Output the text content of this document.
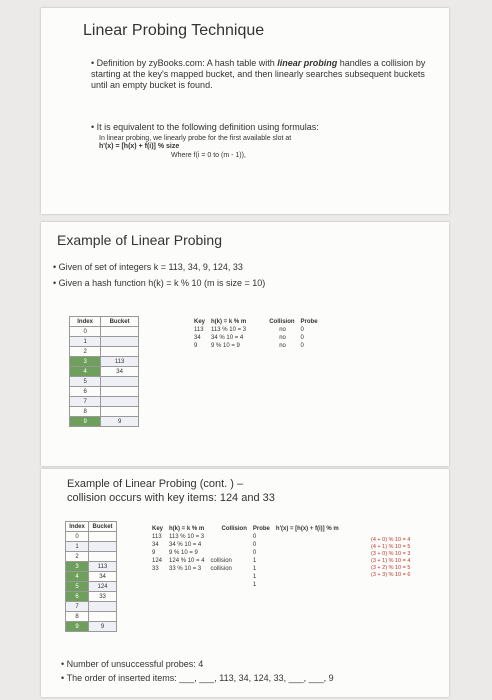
Linear Probing Technique
• Definition by zyBooks.com: A hash table with linear probing handles a collision by starting at the key's mapped bucket, and then linearly searches subsequent buckets until an empty bucket is found.
• It is equivalent to the following definition using formulas:
In linear probing, we linearly probe for the first available slot at
h'(x) = [h(x) + f(i)] % size
Where f(i = 0 to (m - 1)),
Example of Linear Probing
• Given of set of integers k = 113, 34, 9, 124, 33
• Given a hash function h(k) = k % 10 (m is size = 10)
Index	Bucket
0	
1	
2	
3	113
4	34
5	
6	
7	
8	
9	9
Key	h(k) = k % m	Collision	Probe
113	113 % 10 = 3	no	0
34	34 % 10 = 4	no	0
9	9 % 10 = 9	no	0
Example of Linear Probing (cont. ) –
collision occurs with key items: 124 and 33
Index	Bucket
0	
1	
2	
3	113
4	34
5	124
6	33
7	
8	
9	9
Key	h(k) = k % m	Collision	Probe	h'(x) = [h(x) + f(i)] % m
113	113 % 10 = 3		0	
34	34 % 10 = 4		0	
9	9 % 10 = 9		0	
124	124 % 10 = 4	collision	1	
33	33 % 10 = 3	collision	1	
			1	
			1	
(4 + 0) % 10 = 4
(4 + 1) % 10 = 5
(3 + 0) % 10 = 3
(3 + 1) % 10 = 4
(3 + 2) % 10 = 5
(3 + 3) % 10 = 6
• Number of unsuccessful probes: 4
• The order of inserted items: ___, ___, 113, 34, 124, 33, ___, ___, 9
